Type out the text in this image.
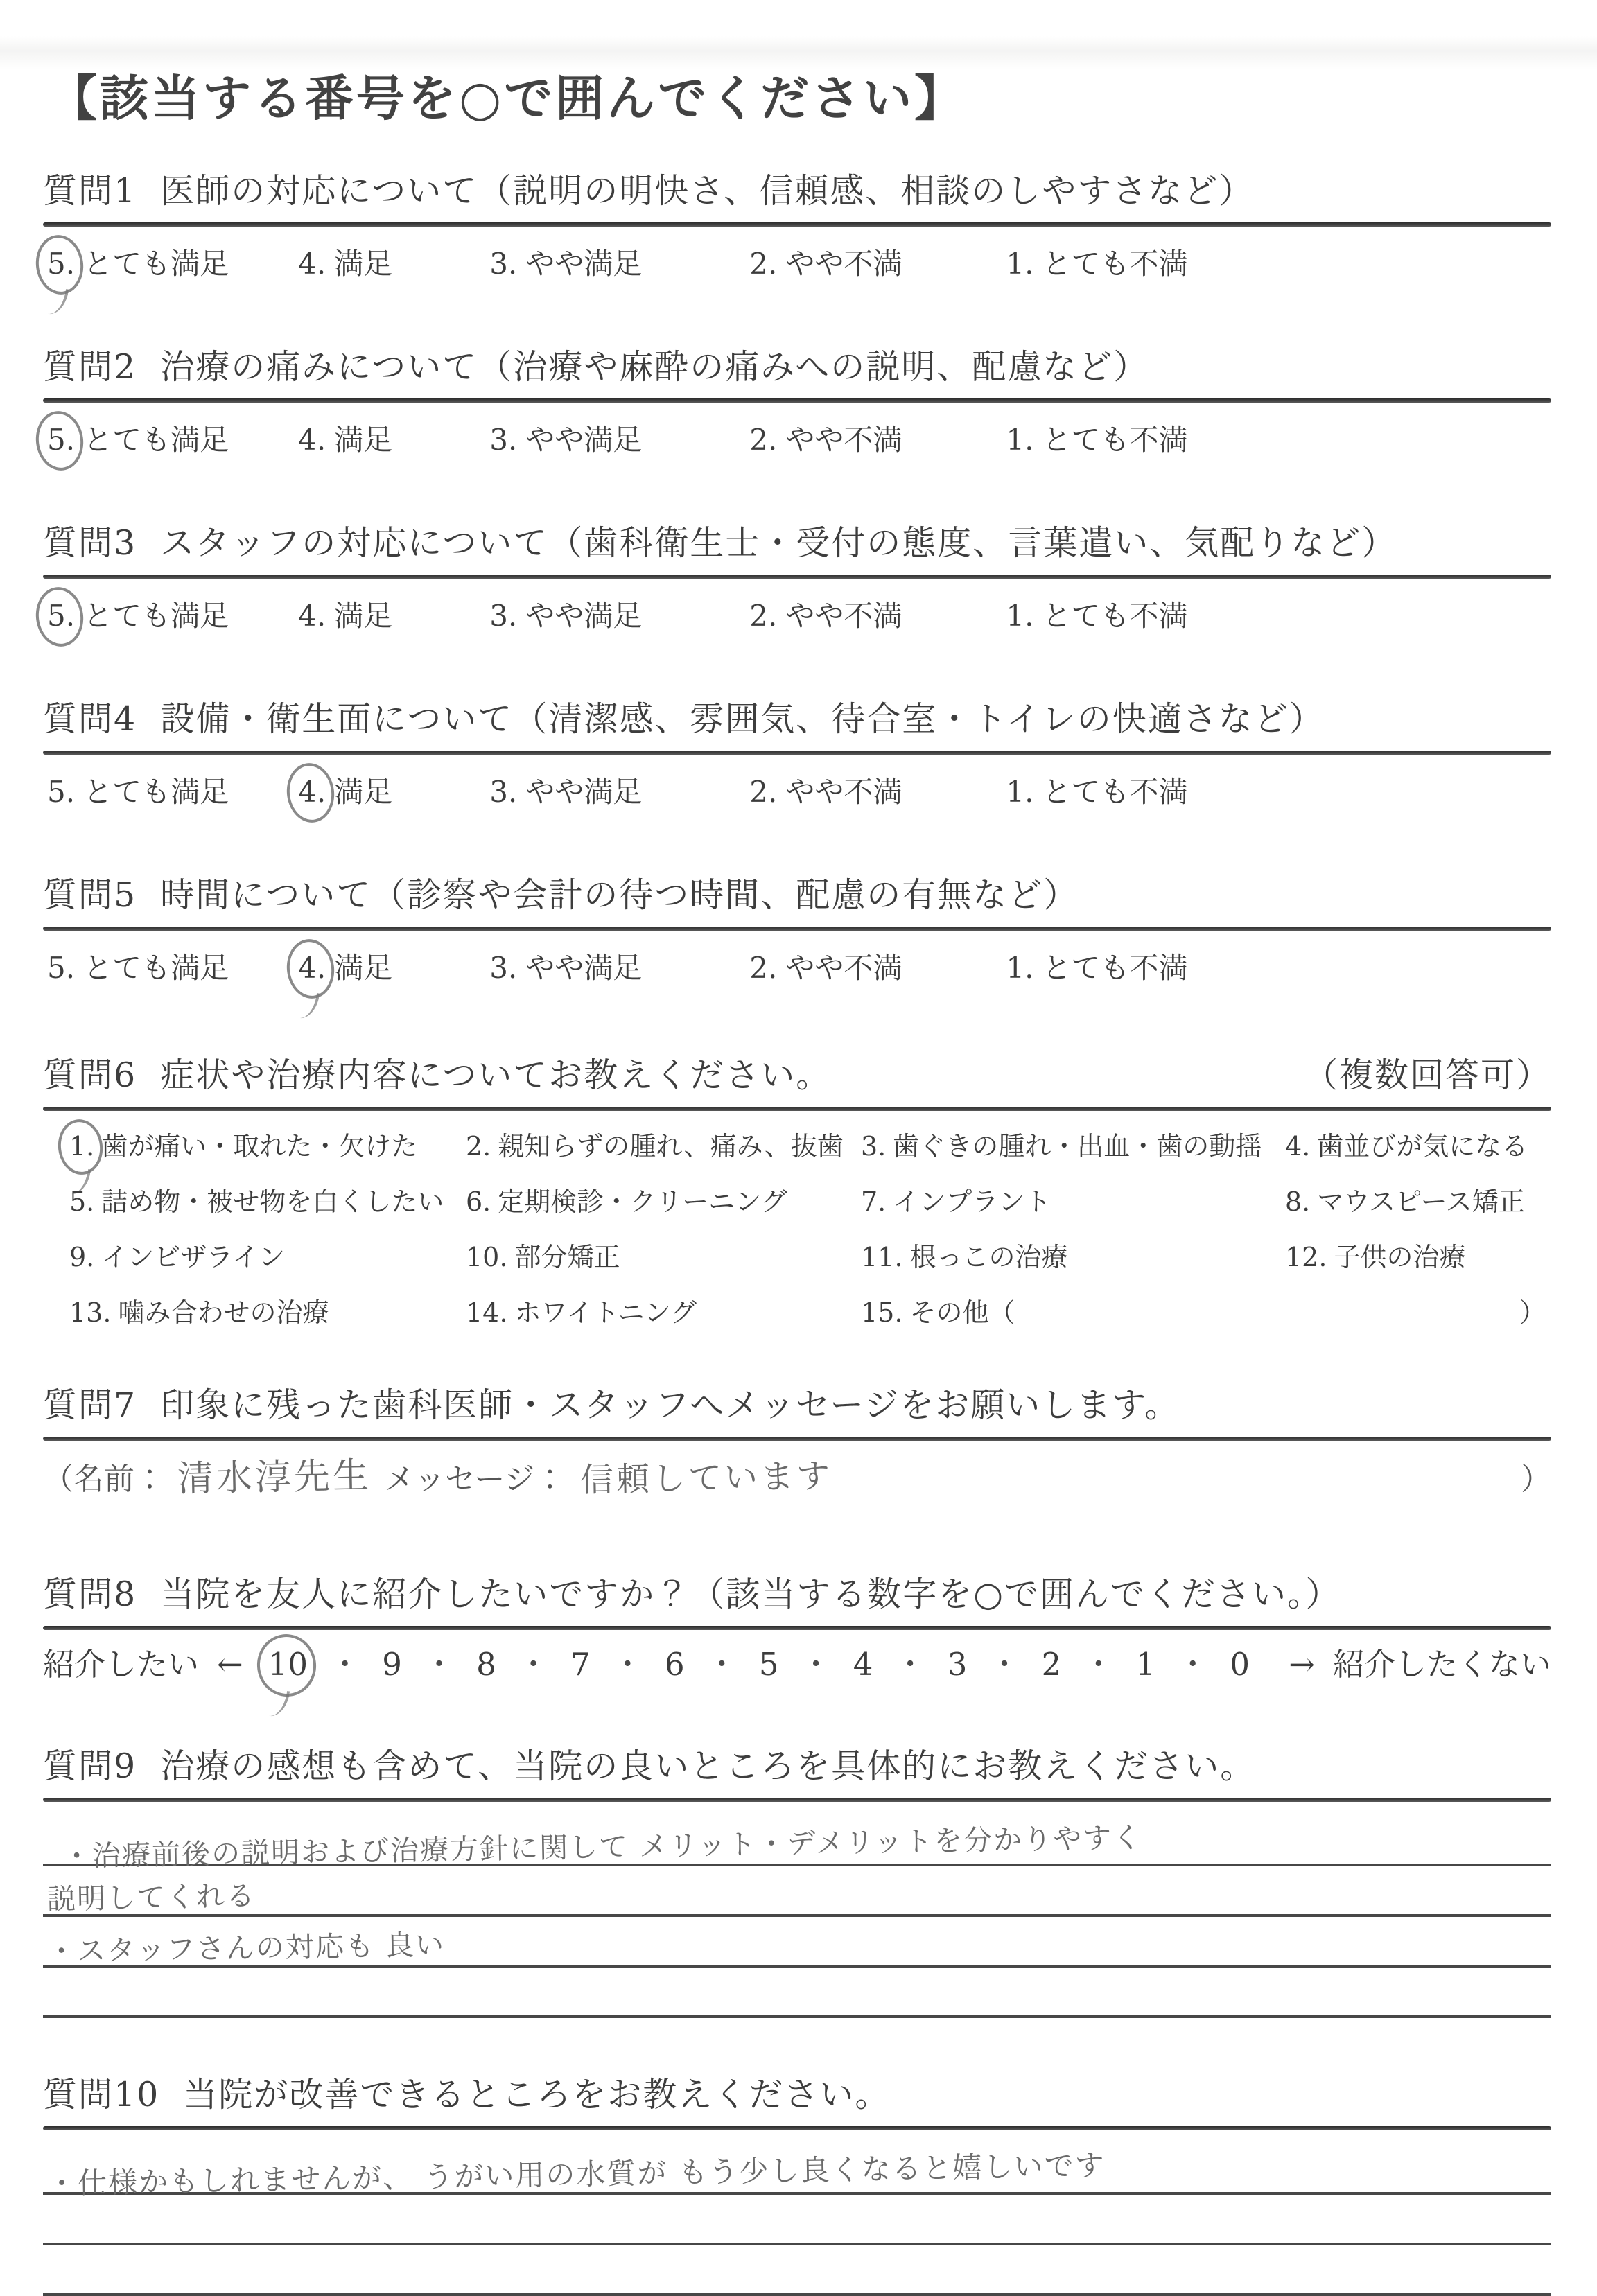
【該当する番号を○で囲んでください】
質問1 医師の対応について（説明の明快さ、信頼感、相談のしやすさなど）
5. とても満足 4. 満足	3. やや満足	2. やや不満	1. とても不満
質問2 治療の痛みについて（治療や麻酔の痛みへの説明、配慮など）
5. とても満足 4. 満足	3. やや満足	2. やや不満	1. とても不満
質問3 スタッフの対応について（歯科衛生士・受付の態度、言葉遣い、気配りなど）
5. とても満足 4. 満足	3. やや満足	2. やや不満	1. とても不満
質問4 設備・衛生面について（清潔感、雰囲気、待合室・トイレの快適さなど）
5. とても満足 4. 満足	3. やや満足	2. やや不満	1. とても不満
質問5 時間について（診察や会計の待つ時間、配慮の有無など）
5. とても満足 4. 満足	3. やや満足	2. やや不満	1. とても不満
質問6 症状や治療内容についてお教えください。	（複数回答可）
1. 歯が痛い・取れた・欠けた 2. 親知らずの腫れ、痛み、抜歯 3. 歯ぐきの腫れ・出血・歯の動揺 4. 歯並びが気になる
5. 詰め物・被せ物を白くしたい 6. 定期検診・クリーニング	7. インプラント	8. マウスピース矯正
9. インビザライン	10. 部分矯正	11. 根っこの治療	12. 子供の治療
13. 噛み合わせの治療	14. ホワイトニング	15. その他（	）
質問7 印象に残った歯科医師・スタッフへメッセージをお願いします。
（名前： 清水淳先生 メッセージ： 信頼しています	）
質問8 当院を友人に紹介したいですか？（該当する数字を○で囲んでください。）
紹介したい ← 10 ・ 9 ・ 8 ・ 7 ・ 6 ・ 5 ・ 4 ・ 3 ・ 2 ・ 1 ・ 0 → 紹介したくない
質問9 治療の感想も含めて、当院の良いところを具体的にお教えください。
・治療前後の説明および治療方針に関して メリット・デメリットを分かりやすく
説明してくれる
・スタッフさんの対応も 良い
質問10 当院が改善できるところをお教えください。
・仕様かもしれませんが、 うがい用の水質が もう少し良くなると嬉しいです
